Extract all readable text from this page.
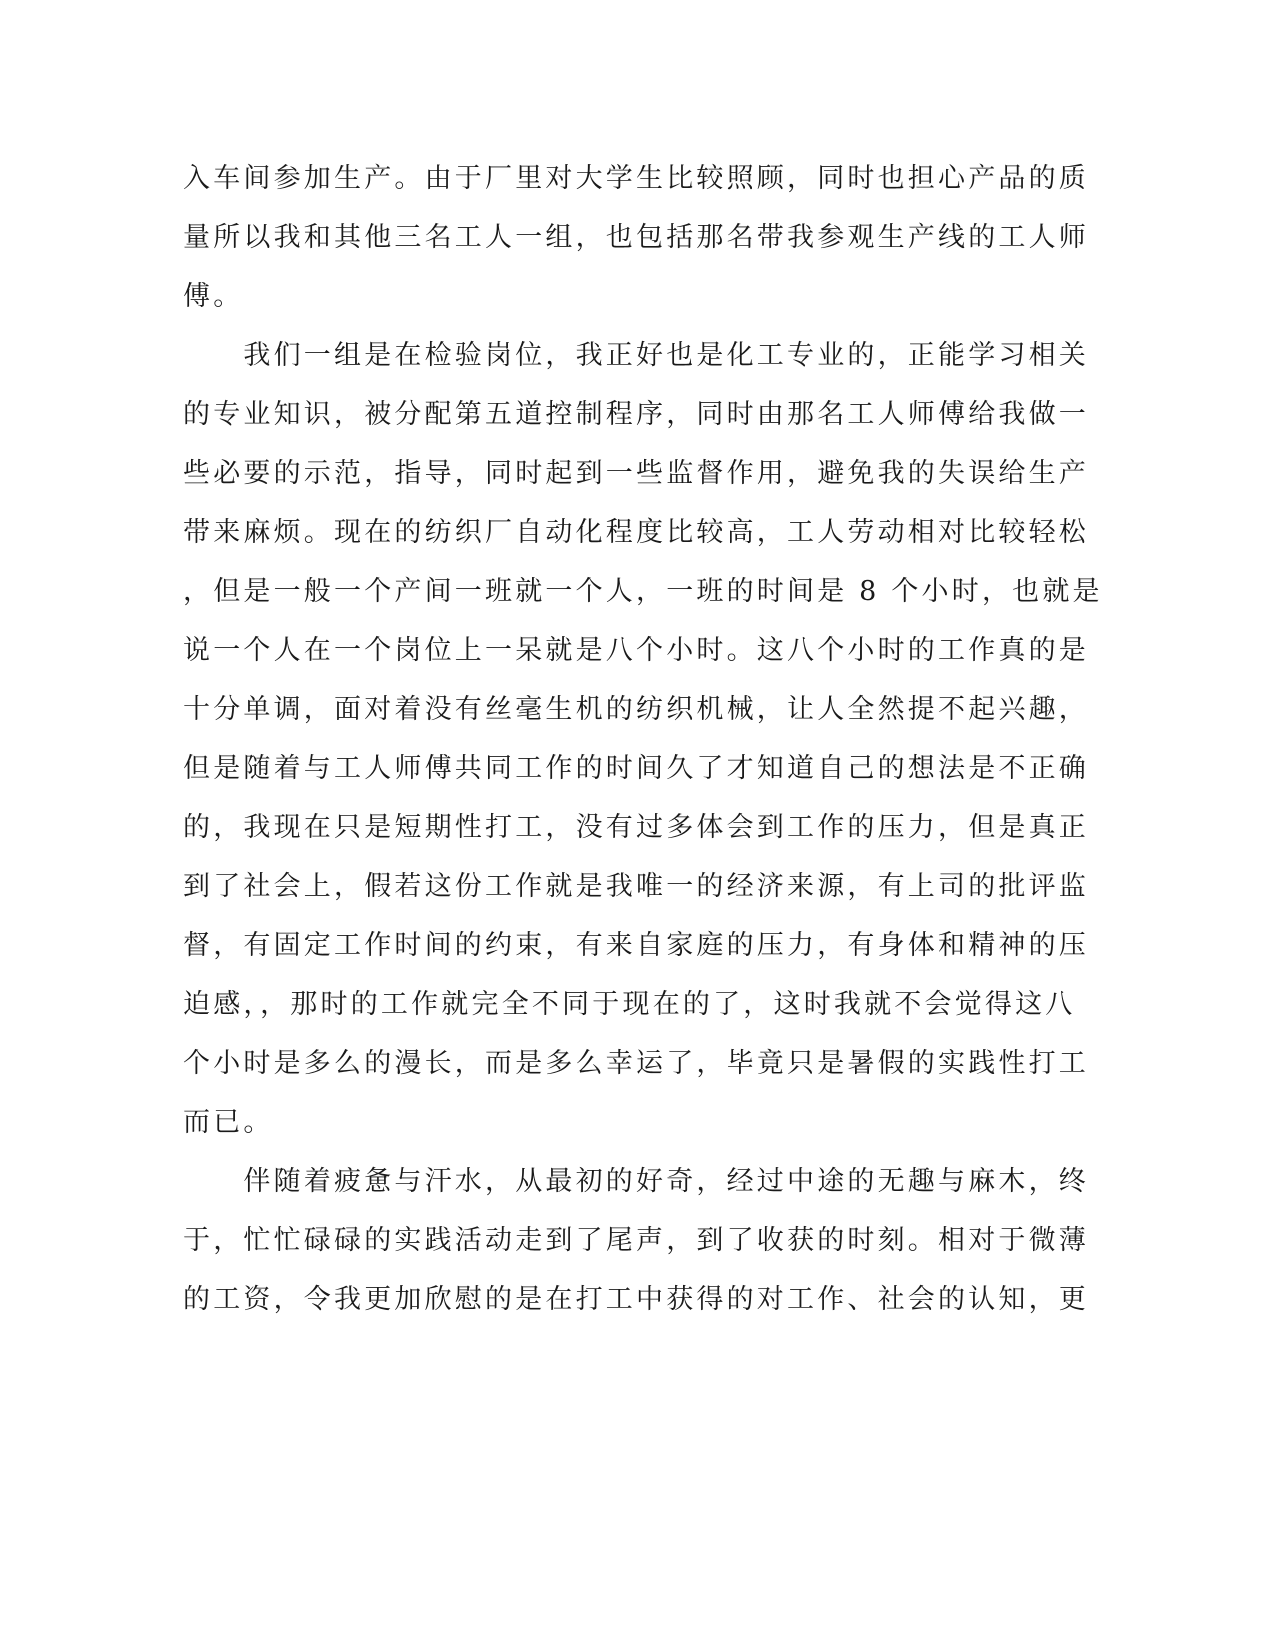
入车间参加生产。由于厂里对大学生比较照顾，同时也担心产品的质
量所以我和其他三名工人一组，也包括那名带我参观生产线的工人师
傅。
　　我们一组是在检验岗位，我正好也是化工专业的，正能学习相关
的专业知识，被分配第五道控制程序，同时由那名工人师傅给我做一
些必要的示范，指导，同时起到一些监督作用，避免我的失误给生产
带来麻烦。现在的纺织厂自动化程度比较高，工人劳动相对比较轻松
，但是一般一个产间一班就一个人，一班的时间是 8 个小时，也就是
说一个人在一个岗位上一呆就是八个小时。这八个小时的工作真的是
十分单调，面对着没有丝毫生机的纺织机械，让人全然提不起兴趣，
但是随着与工人师傅共同工作的时间久了才知道自己的想法是不正确
的，我现在只是短期性打工，没有过多体会到工作的压力，但是真正
到了社会上，假若这份工作就是我唯一的经济来源，有上司的批评监
督，有固定工作时间的约束，有来自家庭的压力，有身体和精神的压
迫感，，那时的工作就完全不同于现在的了，这时我就不会觉得这八
个小时是多么的漫长，而是多么幸运了，毕竟只是暑假的实践性打工
而已。
　　伴随着疲惫与汗水，从最初的好奇，经过中途的无趣与麻木，终
于，忙忙碌碌的实践活动走到了尾声，到了收获的时刻。相对于微薄
的工资，令我更加欣慰的是在打工中获得的对工作、社会的认知，更
